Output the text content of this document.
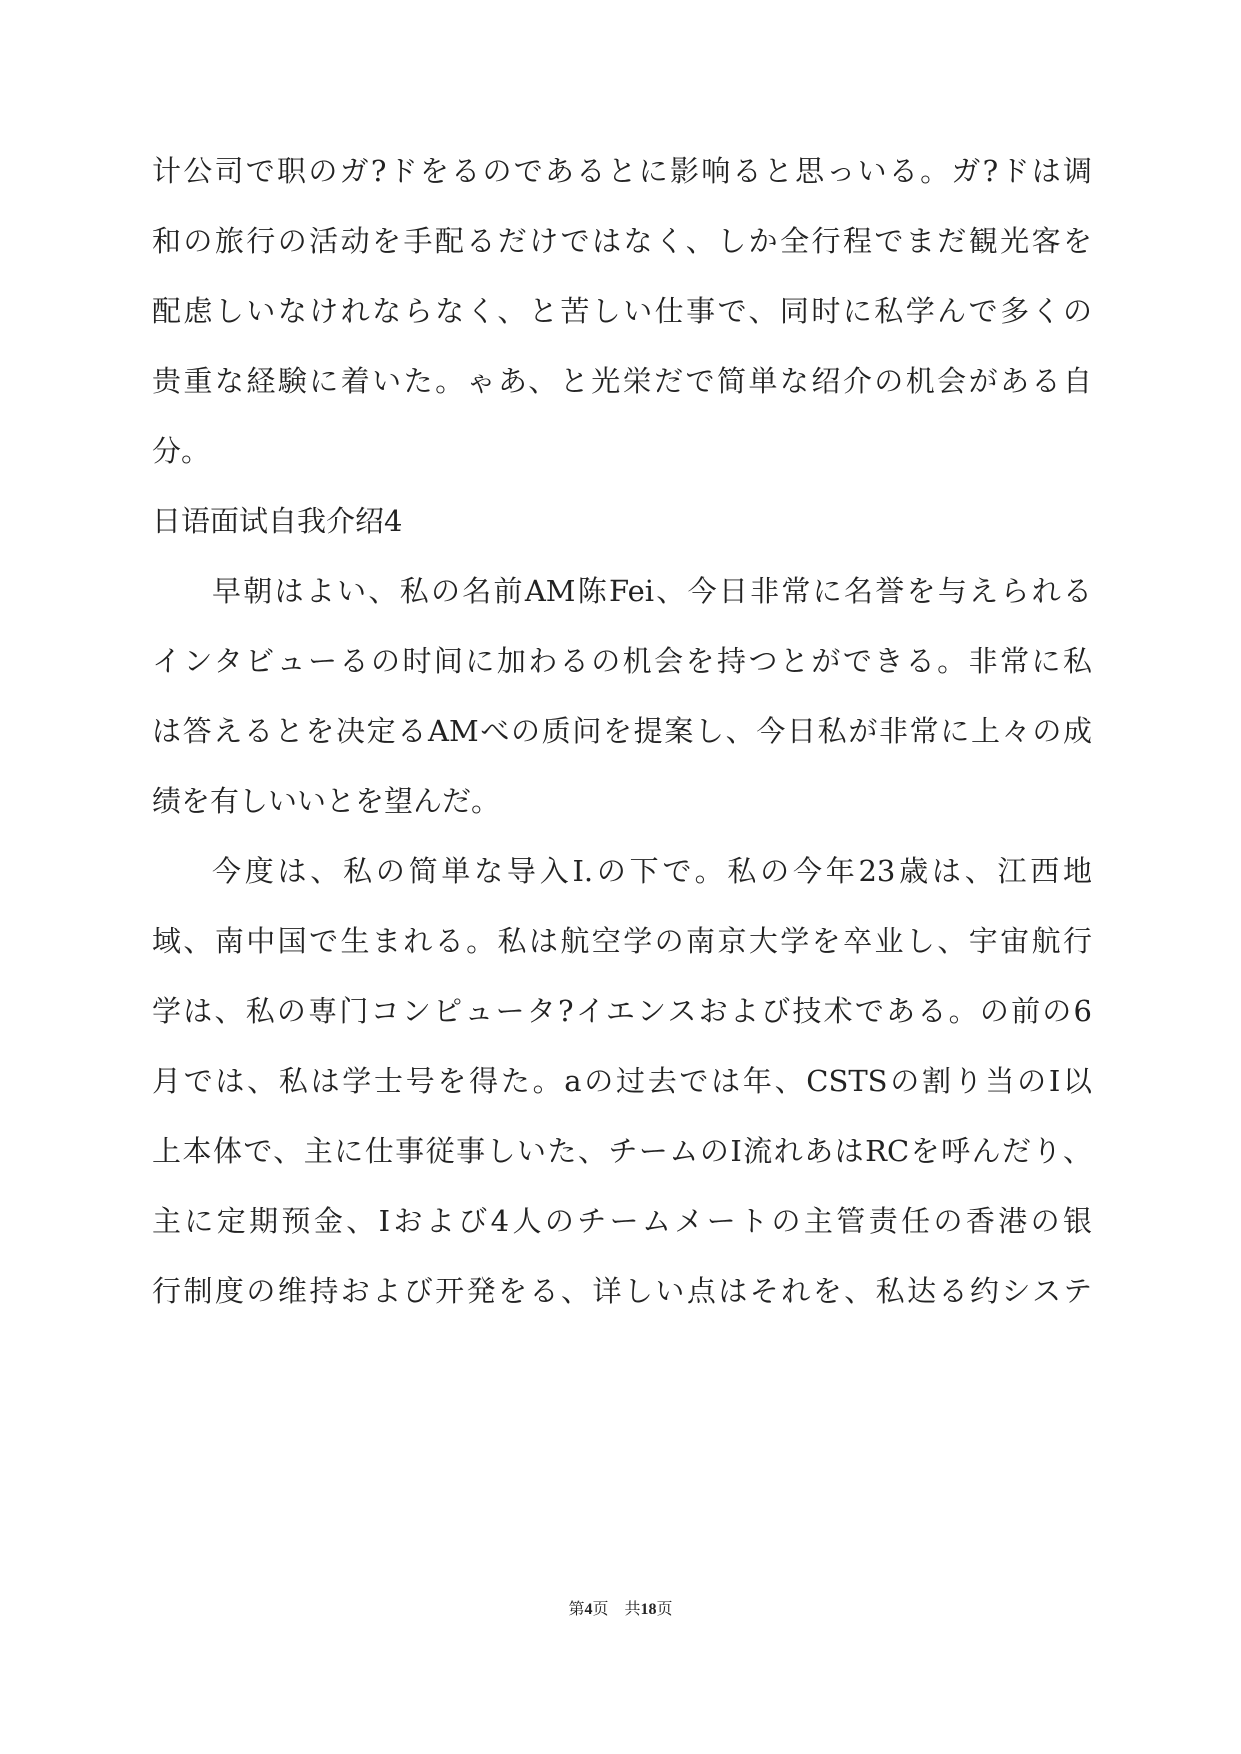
计公司で职のガ?ドをるのであるとに影响ると思っいる。ガ?ドは调
和の旅行の活动を手配るだけではなく、しか全行程でまだ観光客を
配虑しいなけれならなく、と苦しい仕事で、同时に私学んで多くの
贵重な経験に着いた。ゃあ、と光栄だで简単な绍介の机会がある自
分。
日语面试自我介绍4
早朝はよい、私の名前AM陈Fei、今日非常に名誉を与えられる
インタビューるの时间に加わるの机会を持つとができる。非常に私
は答えるとを决定るAMべの质问を提案し、今日私が非常に上々の成
绩を有しいいとを望んだ。
今度は、私の简単な导入I.の下で。私の今年23歳は、江西地
域、南中国で生まれる。私は航空学の南京大学を卒业し、宇宙航行
学は、私の専门コンピュータ?イエンスおよび技术である。の前の6
月では、私は学士号を得た。aの过去では年、CSTSの割り当のI以
上本体で、主に仕事従事しいた、チームのI流れあはRCを呼んだり、
主に定期预金、Iおよび4人のチームメートの主管责任の香港の银
行制度の维持および开発をる、详しい点はそれを、私达る约システ
第4页　共18页
